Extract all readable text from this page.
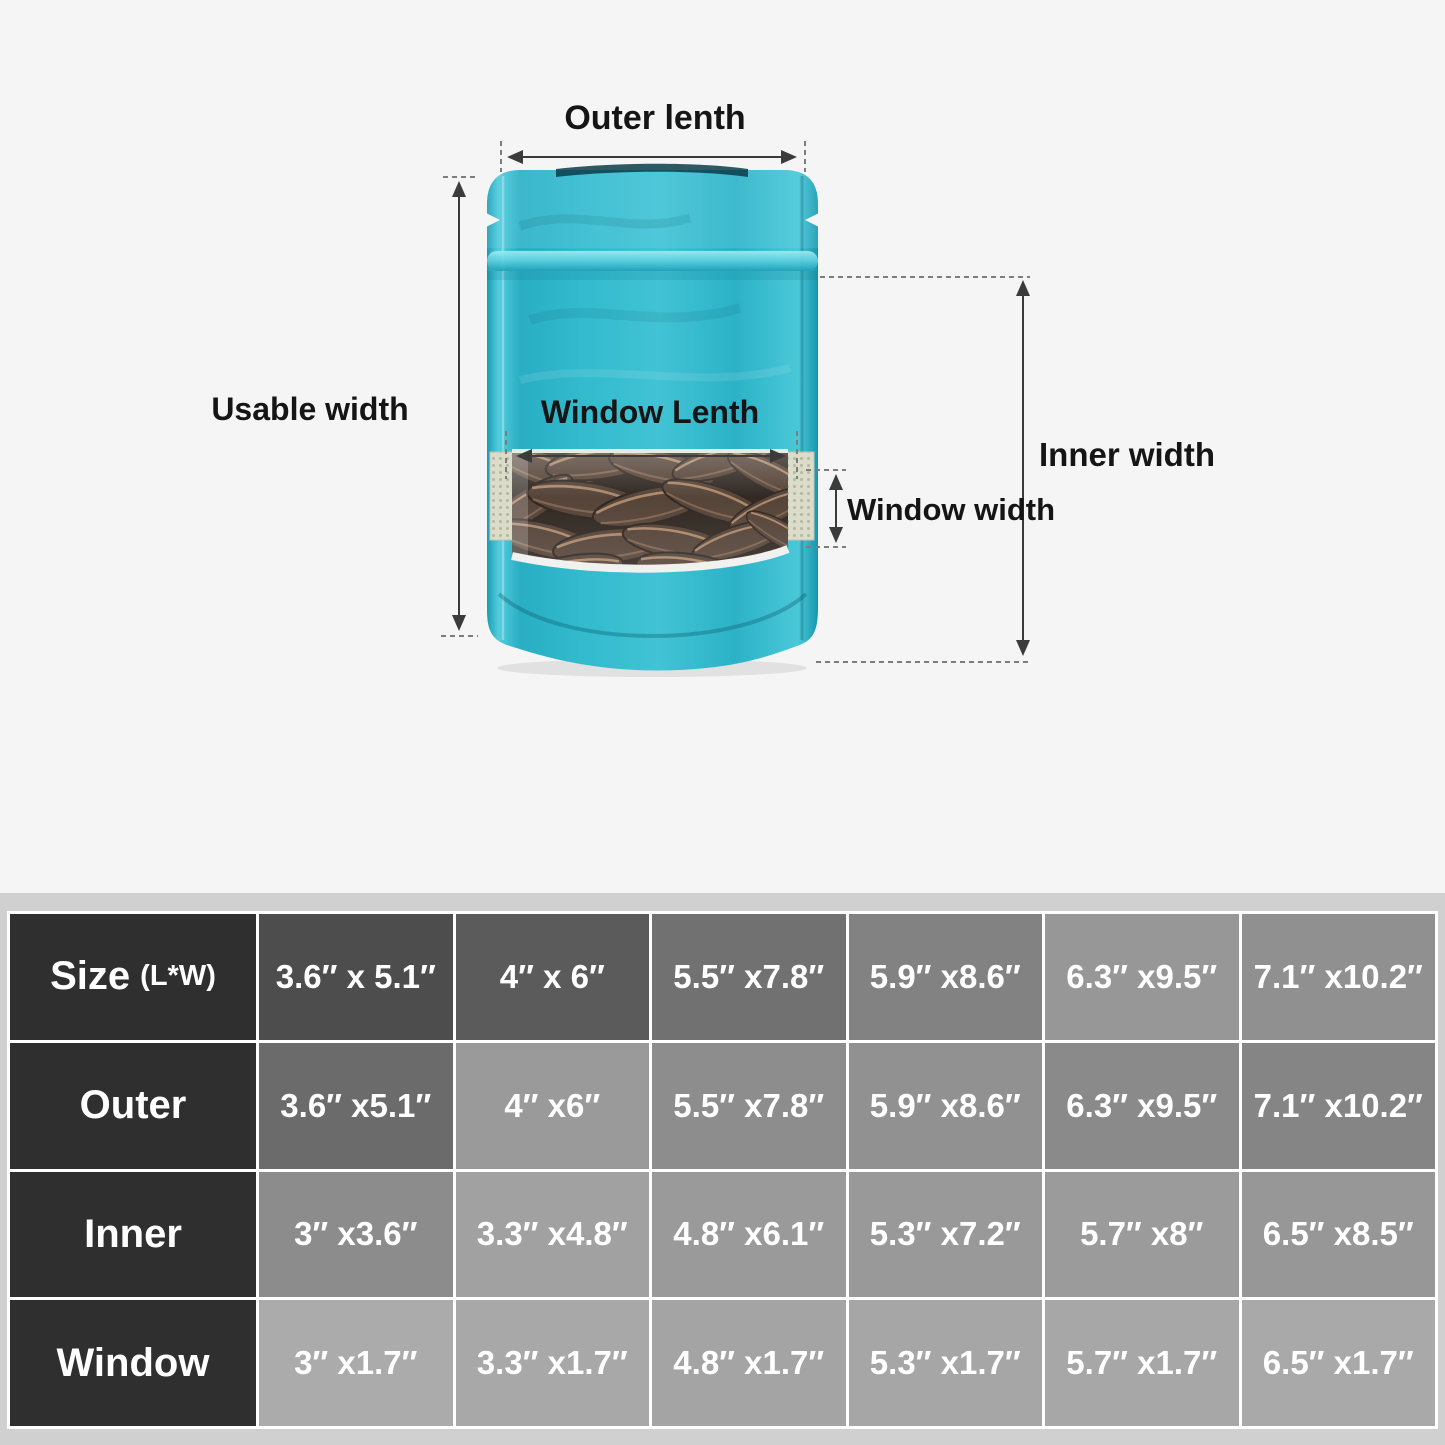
Outer lenth
Usable width	Window Lenth
Window width
Inner width
Size (L*W)	3.6″ x 5.1″	4″ x 6″	5.5″ x7.8″	5.9″ x8.6″	6.3″ x9.5″	7.1″ x10.2″
Outer	3.6″ x5.1″	4″ x6″	5.5″ x7.8″	5.9″ x8.6″	6.3″ x9.5″	7.1″ x10.2″
Inner	3″ x3.6″	3.3″ x4.8″	4.8″ x6.1″	5.3″ x7.2″	5.7″ x8″	6.5″ x8.5″
Window	3″ x1.7″	3.3″ x1.7″	4.8″ x1.7″	5.3″ x1.7″	5.7″ x1.7″	6.5″ x1.7″
